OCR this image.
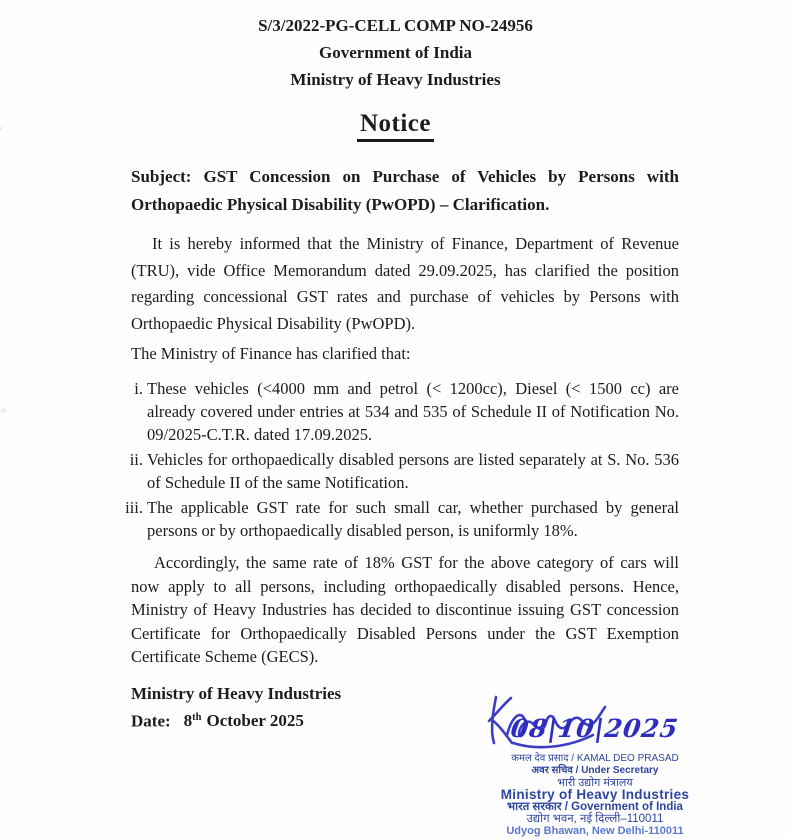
S/3/2022-PG-CELL COMP NO-24956
Government of India
Ministry of Heavy Industries
Notice

Subject: GST Concession on Purchase of Vehicles by Persons with Orthopaedic Physical Disability (PwOPD) – Clarification.

It is hereby informed that the Ministry of Finance, Department of Revenue (TRU), vide Office Memorandum dated 29.09.2025, has clarified the position regarding concessional GST rates and purchase of vehicles by Persons with Orthopaedic Physical Disability (PwOPD).

The Ministry of Finance has clarified that:

i. These vehicles (<4000 mm and petrol (< 1200cc), Diesel (< 1500 cc) are already covered under entries at 534 and 535 of Schedule II of Notification No. 09/2025-C.T.R. dated 17.09.2025.
ii. Vehicles for orthopaedically disabled persons are listed separately at S. No. 536 of Schedule II of the same Notification.
iii. The applicable GST rate for such small car, whether purchased by general persons or by orthopaedically disabled person, is uniformly 18%.

Accordingly, the same rate of 18% GST for the above category of cars will now apply to all persons, including orthopaedically disabled persons. Hence, Ministry of Heavy Industries has decided to discontinue issuing GST concession Certificate for Orthopaedically Disabled Persons under the GST Exemption Certificate Scheme (GECS).

Ministry of Heavy Industries
Date: 8th October 2025	08|10|2025
कमल देव प्रसाद / KAMAL DEO PRASAD
अवर सचिव / Under Secretary
भारी उद्योग मंत्रालय
Ministry of Heavy Industries
भारत सरकार / Government of India
उद्योग भवन, नई दिल्ली–110011
Udyog Bhawan, New Delhi-110011
